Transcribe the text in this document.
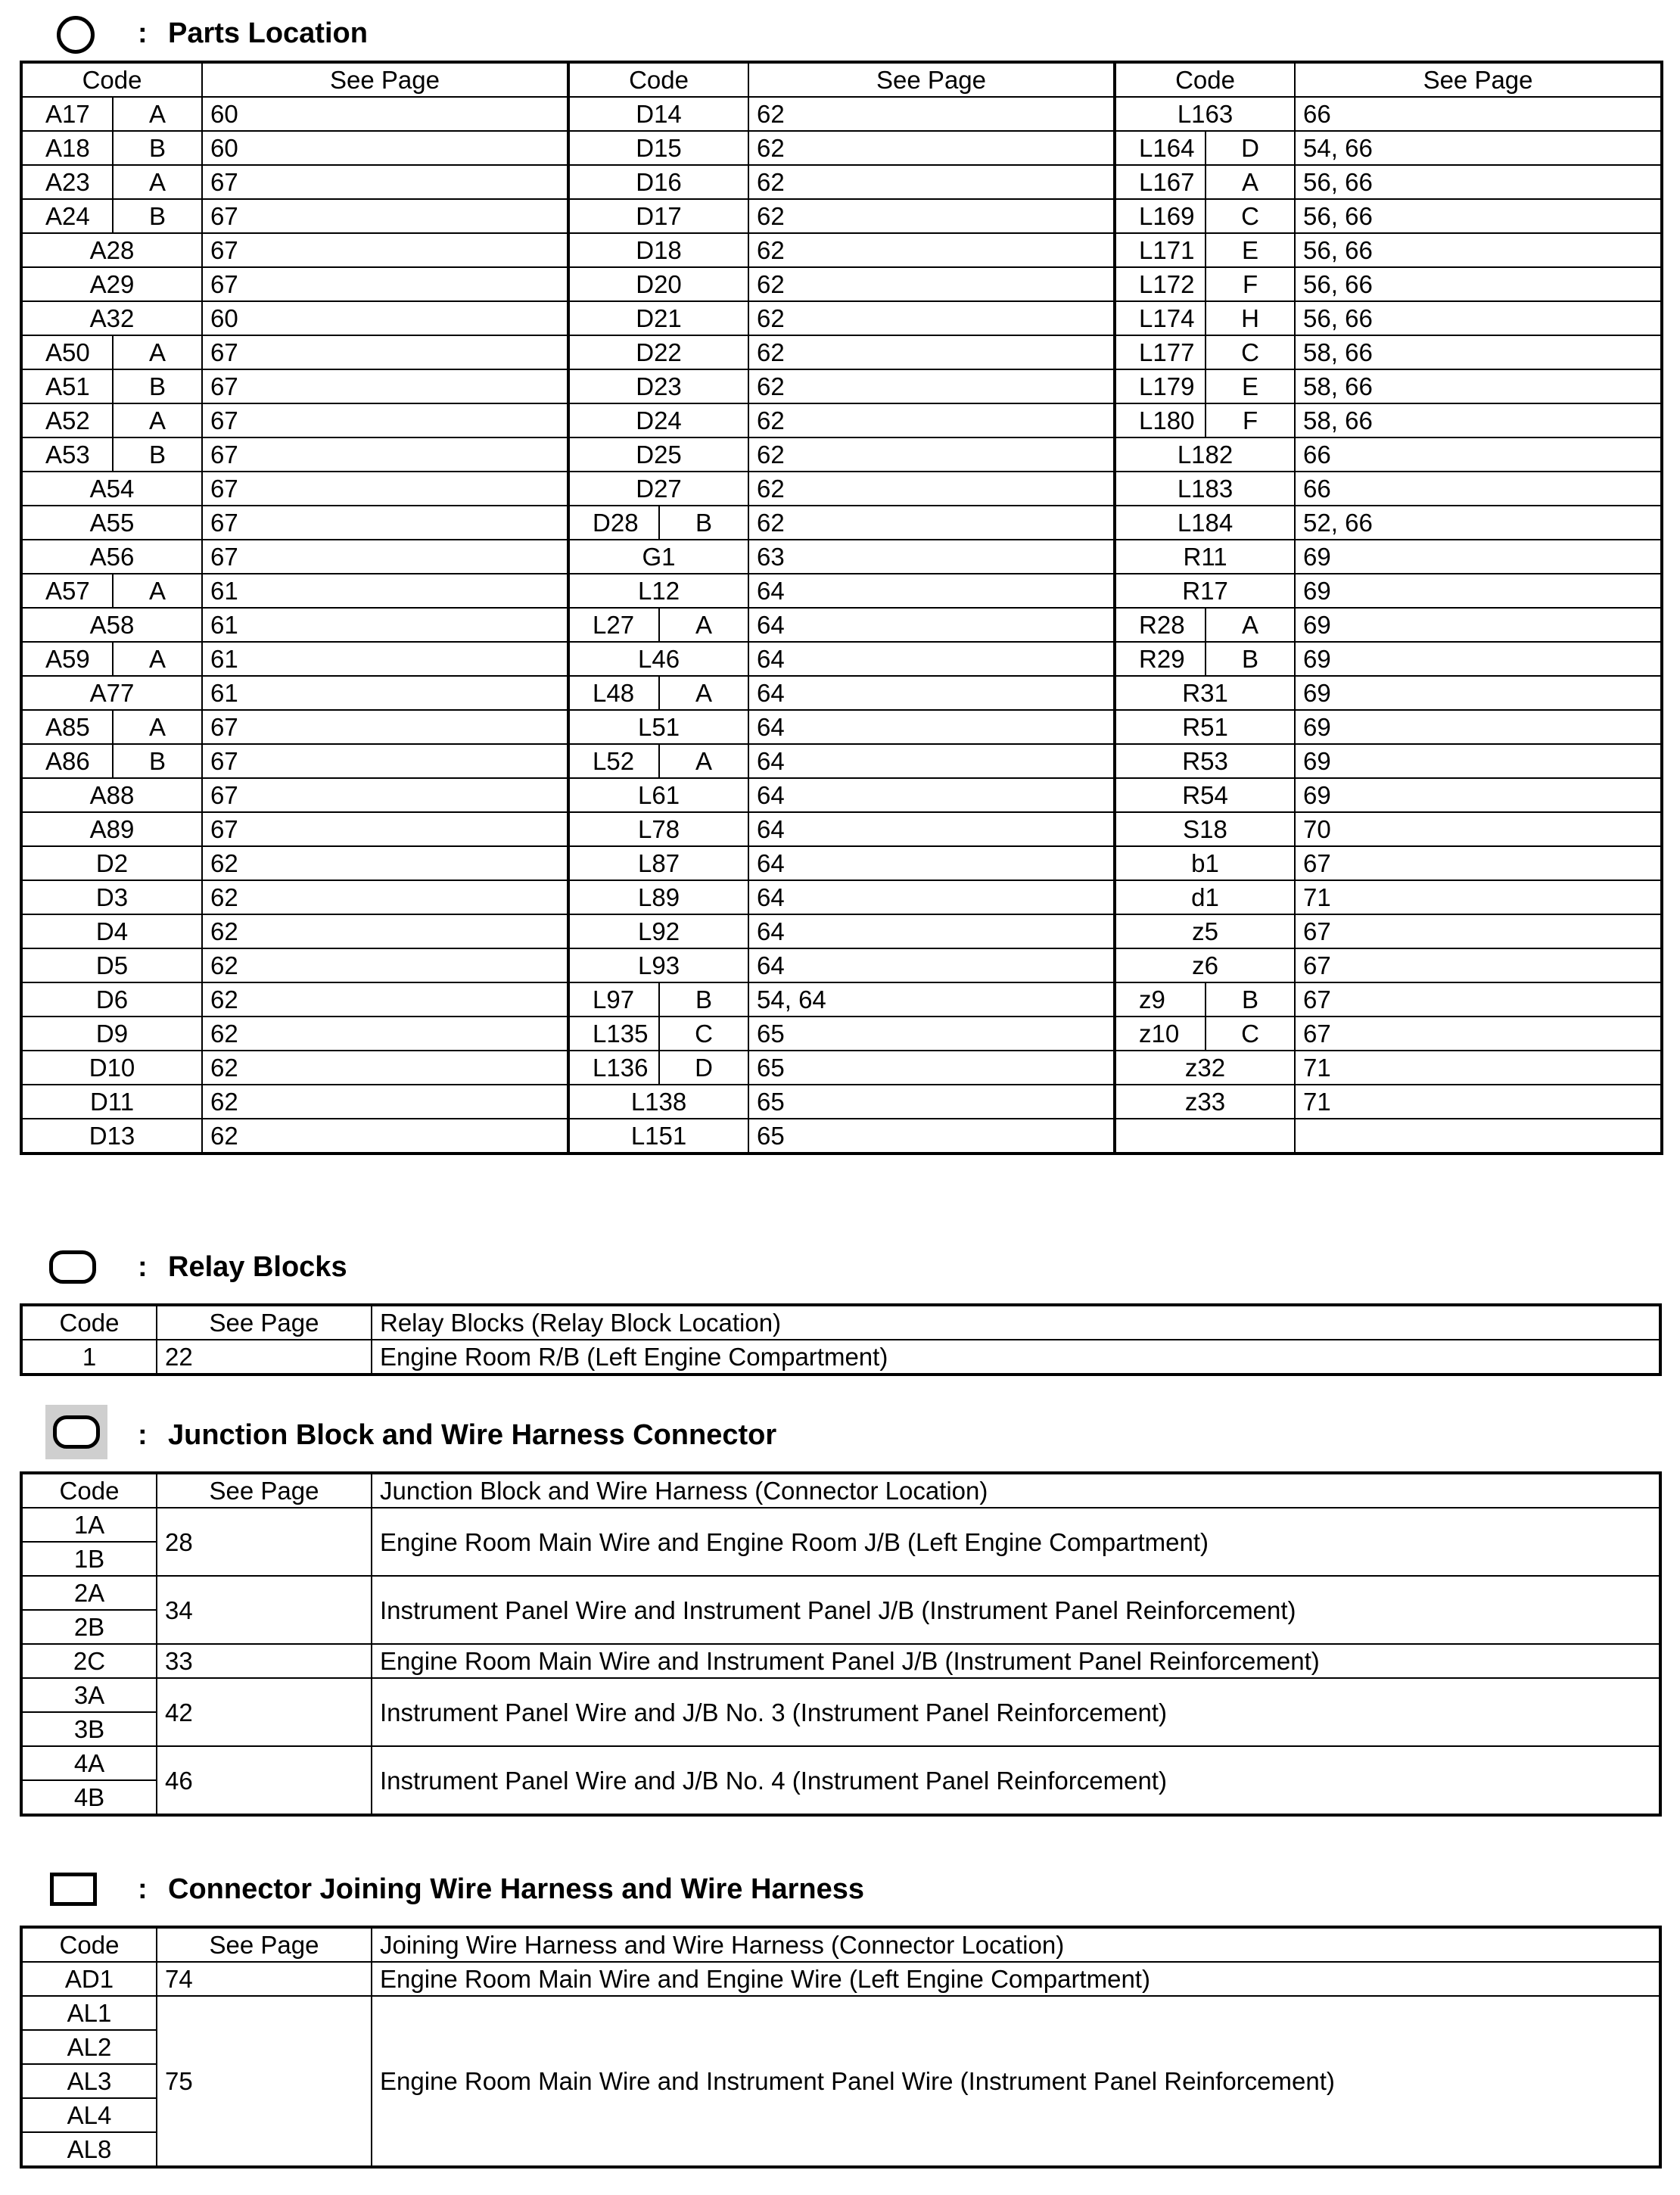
: Parts Location
Code		See Page	Code		See Page	Code		See Page
A17	A	60	D14		62	L163		66
A18	B	60	D15		62	L164	D	54, 66
A23	A	67	D16		62	L167	A	56, 66
A24	B	67	D17		62	L169	C	56, 66
A28		67	D18		62	L171	E	56, 66
A29		67	D20		62	L172	F	56, 66
A32		60	D21		62	L174	H	56, 66
A50	A	67	D22		62	L177	C	58, 66
A51	B	67	D23		62	L179	E	58, 66
A52	A	67	D24		62	L180	F	58, 66
A53	B	67	D25		62	L182		66
A54		67	D27		62	L183		66
A55		67	D28	B	62	L184		52, 66
A56		67	G1		63	R11		69
A57	A	61	L12		64	R17		69
A58		61	L27	A	64	R28	A	69
A59	A	61	L46		64	R29	B	69
A77		61	L48	A	64	R31		69
A85	A	67	L51		64	R51		69
A86	B	67	L52	A	64	R53		69
A88		67	L61		64	R54		69
A89		67	L78		64	S18		70
D2		62	L87		64	b1		67
D3		62	L89		64	d1		71
D4		62	L92		64	z5		67
D5		62	L93		64	z6		67
D6		62	L97	B	54, 64	z9	B	67
D9		62	L135	C	65	z10	C	67
D10		62	L136	D	65	z32		71
D11		62	L138		65	z33		71
D13		62	L151		65			
: Relay Blocks
Code	See Page	Relay Blocks (Relay Block Location)
1	22	Engine Room R/B (Left Engine Compartment)
: Junction Block and Wire Harness Connector
Code	See Page	Junction Block and Wire Harness (Connector Location)
1A	28	Engine Room Main Wire and Engine Room J/B (Left Engine Compartment)
1B		
2A	34	Instrument Panel Wire and Instrument Panel J/B (Instrument Panel Reinforcement)
2B		
2C	33	Engine Room Main Wire and Instrument Panel J/B (Instrument Panel Reinforcement)
3A	42	Instrument Panel Wire and J/B No. 3 (Instrument Panel Reinforcement)
3B		
4A	46	Instrument Panel Wire and J/B No. 4 (Instrument Panel Reinforcement)
4B		
: Connector Joining Wire Harness and Wire Harness
Code	See Page	Joining Wire Harness and Wire Harness (Connector Location)
AD1	74	Engine Room Main Wire and Engine Wire (Left Engine Compartment)
AL1	75	Engine Room Main Wire and Instrument Panel Wire (Instrument Panel Reinforcement)
AL2		
AL3		
AL4		
AL8		
